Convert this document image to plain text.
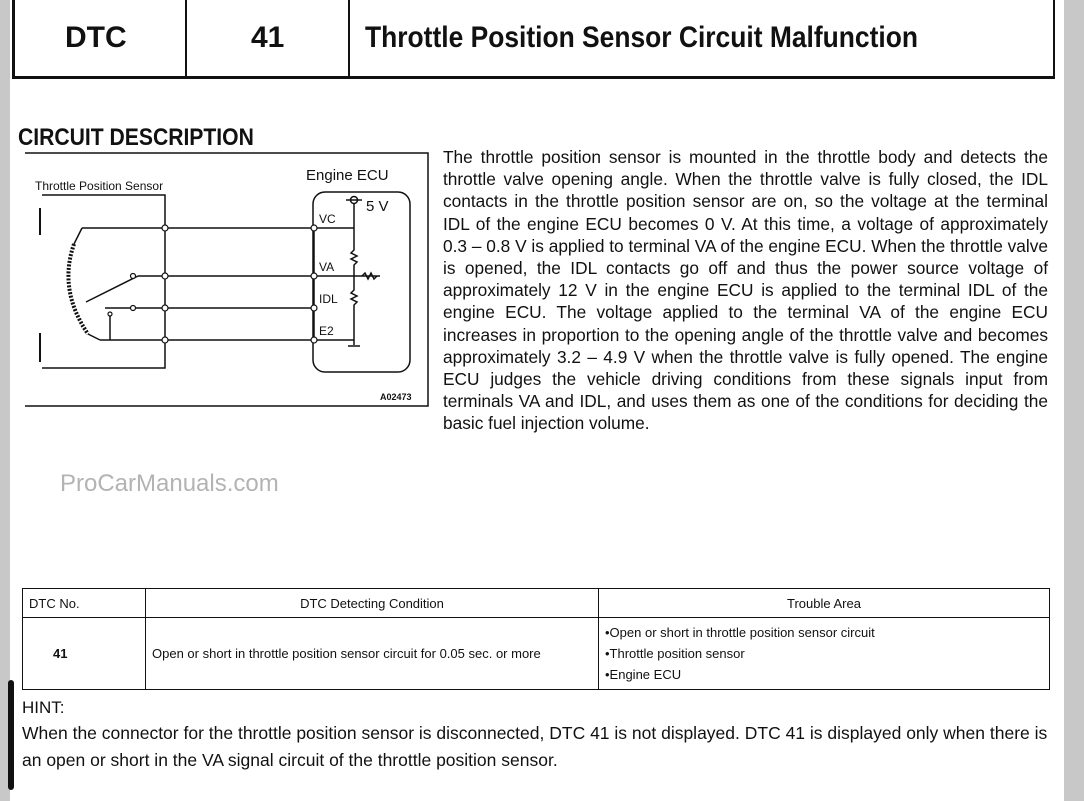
DTC	41	Throttle Position Sensor Circuit Malfunction
CIRCUIT DESCRIPTION
Throttle Position Sensor
Engine ECU
5 V
VC
VA
IDL
E2
A02473
The throttle position sensor is mounted in the throttle body and detects the throttle valve opening angle. When the throttle valve is fully closed, the IDL contacts in the throttle position sensor are on, so the voltage at the terminal IDL of the engine ECU becomes 0 V. At this time, a voltage of approximately 0.3 – 0.8 V is applied to terminal VA of the engine ECU. When the throttle valve is opened, the IDL contacts go off and thus the power source voltage of approximately 12 V in the engine ECU is applied to the terminal IDL of the engine ECU. The voltage applied to the terminal VA of the engine ECU increases in proportion to the opening angle of the throttle valve and becomes approximately 3.2 – 4.9 V when the throttle valve is fully opened. The engine ECU judges the vehicle driving conditions from these signals input from terminals VA and IDL, and uses them as one of the conditions for deciding the basic fuel injection volume.
ProCarManuals.com
DTC No.	DTC Detecting Condition	Trouble Area
41	Open or short in throttle position sensor circuit for 0.05 sec. or more	•Open or short in throttle position sensor circuit
•Throttle position sensor
•Engine ECU
HINT:
When the connector for the throttle position sensor is disconnected, DTC 41 is not displayed. DTC 41 is displayed only when there is an open or short in the VA signal circuit of the throttle position sensor.
